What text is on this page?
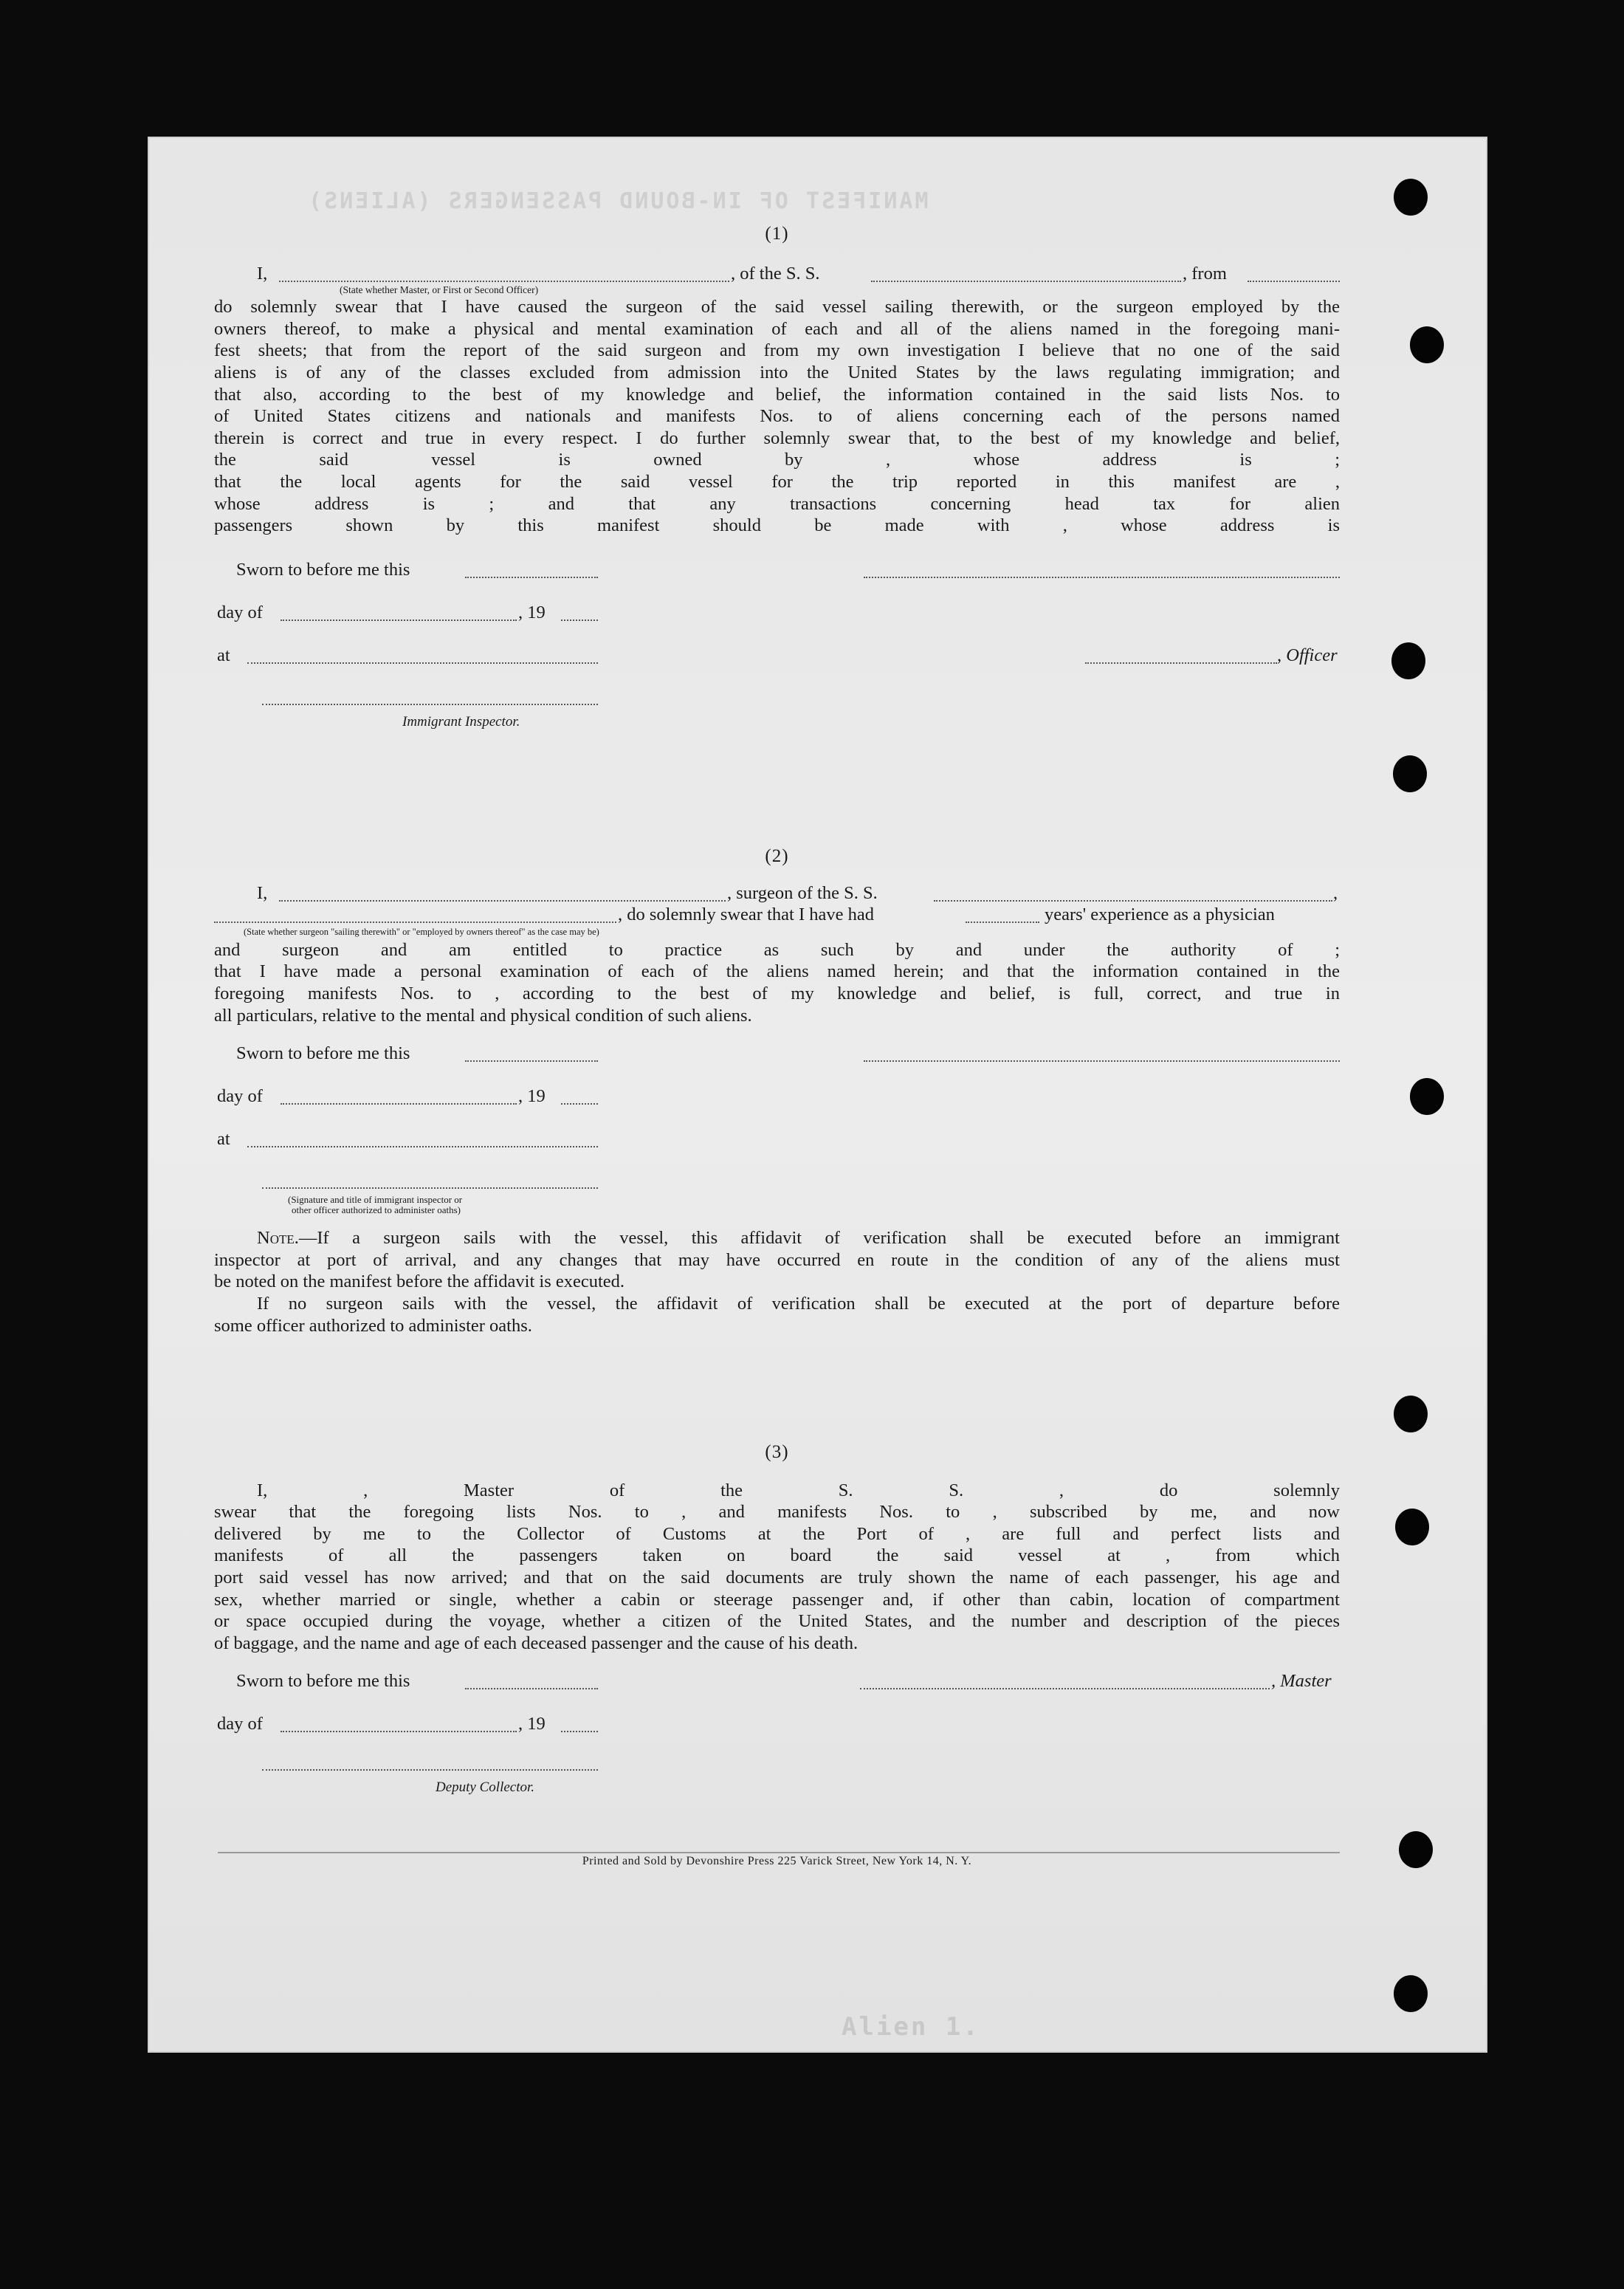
MANIFEST OF IN-BOUND PASSENGERS (ALIENS)
Alien 1.
(1)
I,	, of the S. S.	, from
(State whether Master, or First or Second Officer)
do solemnly swear that I have caused the surgeon of the said vessel sailing therewith, or the surgeon employed by the
owners thereof, to make a physical and mental examination of each and all of the aliens named in the foregoing mani-
fest sheets; that from the report of the said surgeon and from my own investigation I believe that no one of the said
aliens is of any of the classes excluded from admission into the United States by the laws regulating immigration; and
that also, according to the best of my knowledge and belief, the information contained in the said lists Nos. to
of United States citizens and nationals and manifests Nos. to of aliens concerning each of the persons named
therein is correct and true in every respect. I do further solemnly swear that, to the best of my knowledge and belief,
the said vessel is owned by , whose address is ;
that the local agents for the said vessel for the trip reported in this manifest are ,
whose address is ; and that any transactions concerning head tax for alien
passengers shown by this manifest should be made with , whose address is
Sworn to before me this
day of	, 19
at	, Officer
Immigrant Inspector.
(2)
I,	, surgeon of the S. S.	,
, do solemnly swear that I have had	years' experience as a physician
(State whether surgeon "sailing therewith" or "employed by owners thereof" as the case may be)
and surgeon and am entitled to practice as such by and under the authority of ;
that I have made a personal examination of each of the aliens named herein; and that the information contained in the
foregoing manifests Nos. to , according to the best of my knowledge and belief, is full, correct, and true in
all particulars, relative to the mental and physical condition of such aliens.
Sworn to before me this
day of	, 19
at
(Signature and title of immigrant inspector or
other officer authorized to administer oaths)
Note.—If a surgeon sails with the vessel, this affidavit of verification shall be executed before an immigrant
inspector at port of arrival, and any changes that may have occurred en route in the condition of any of the aliens must
be noted on the manifest before the affidavit is executed.
If no surgeon sails with the vessel, the affidavit of verification shall be executed at the port of departure before
some officer authorized to administer oaths.
(3)
I, , Master of the S. S. , do solemnly
swear that the foregoing lists Nos. to , and manifests Nos. to , subscribed by me, and now
delivered by me to the Collector of Customs at the Port of , are full and perfect lists and
manifests of all the passengers taken on board the said vessel at , from which
port said vessel has now arrived; and that on the said documents are truly shown the name of each passenger, his age and
sex, whether married or single, whether a cabin or steerage passenger and, if other than cabin, location of compartment
or space occupied during the voyage, whether a citizen of the United States, and the number and description of the pieces
of baggage, and the name and age of each deceased passenger and the cause of his death.
Sworn to before me this	, Master
day of	, 19
Deputy Collector.
Printed and Sold by Devonshire Press 225 Varick Street, New York 14, N. Y.
